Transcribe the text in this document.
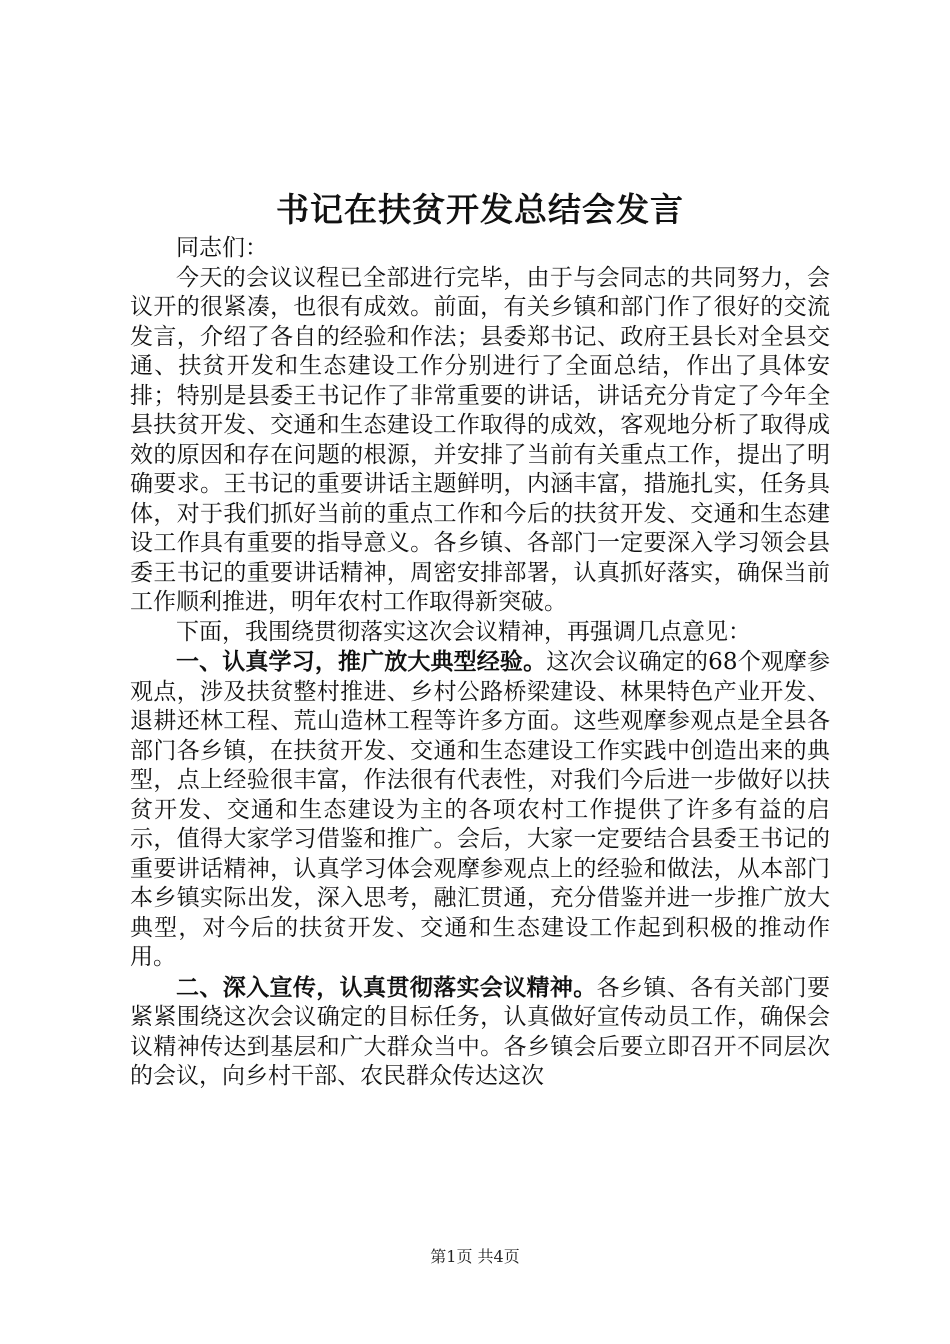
书记在扶贫开发总结会发言

同志们：

今天的会议议程已全部进行完毕，由于与会同志的共同努力，会议开的很紧凑，也很有成效。前面，有关乡镇和部门作了很好的交流发言，介绍了各自的经验和作法；县委郑书记、政府王县长对全县交通、扶贫开发和生态建设工作分别进行了全面总结，作出了具体安排；特别是县委王书记作了非常重要的讲话，讲话充分肯定了今年全县扶贫开发、交通和生态建设工作取得的成效，客观地分析了取得成效的原因和存在问题的根源，并安排了当前有关重点工作，提出了明确要求。王书记的重要讲话主题鲜明，内涵丰富，措施扎实，任务具体，对于我们抓好当前的重点工作和今后的扶贫开发、交通和生态建设工作具有重要的指导意义。各乡镇、各部门一定要深入学习领会县委王书记的重要讲话精神，周密安排部署，认真抓好落实，确保当前工作顺利推进，明年农村工作取得新突破。

下面，我围绕贯彻落实这次会议精神，再强调几点意见：

一、认真学习，推广放大典型经验。这次会议确定的68个观摩参观点，涉及扶贫整村推进、乡村公路桥梁建设、林果特色产业开发、退耕还林工程、荒山造林工程等许多方面。这些观摩参观点是全县各部门各乡镇，在扶贫开发、交通和生态建设工作实践中创造出来的典型，点上经验很丰富，作法很有代表性，对我们今后进一步做好以扶贫开发、交通和生态建设为主的各项农村工作提供了许多有益的启示，值得大家学习借鉴和推广。会后，大家一定要结合县委王书记的重要讲话精神，认真学习体会观摩参观点上的经验和做法，从本部门本乡镇实际出发，深入思考，融汇贯通，充分借鉴并进一步推广放大典型，对今后的扶贫开发、交通和生态建设工作起到积极的推动作用。

二、深入宣传，认真贯彻落实会议精神。各乡镇、各有关部门要紧紧围绕这次会议确定的目标任务，认真做好宣传动员工作，确保会议精神传达到基层和广大群众当中。各乡镇会后要立即召开不同层次的会议，向乡村干部、农民群众传达这次

第1页 共4页
